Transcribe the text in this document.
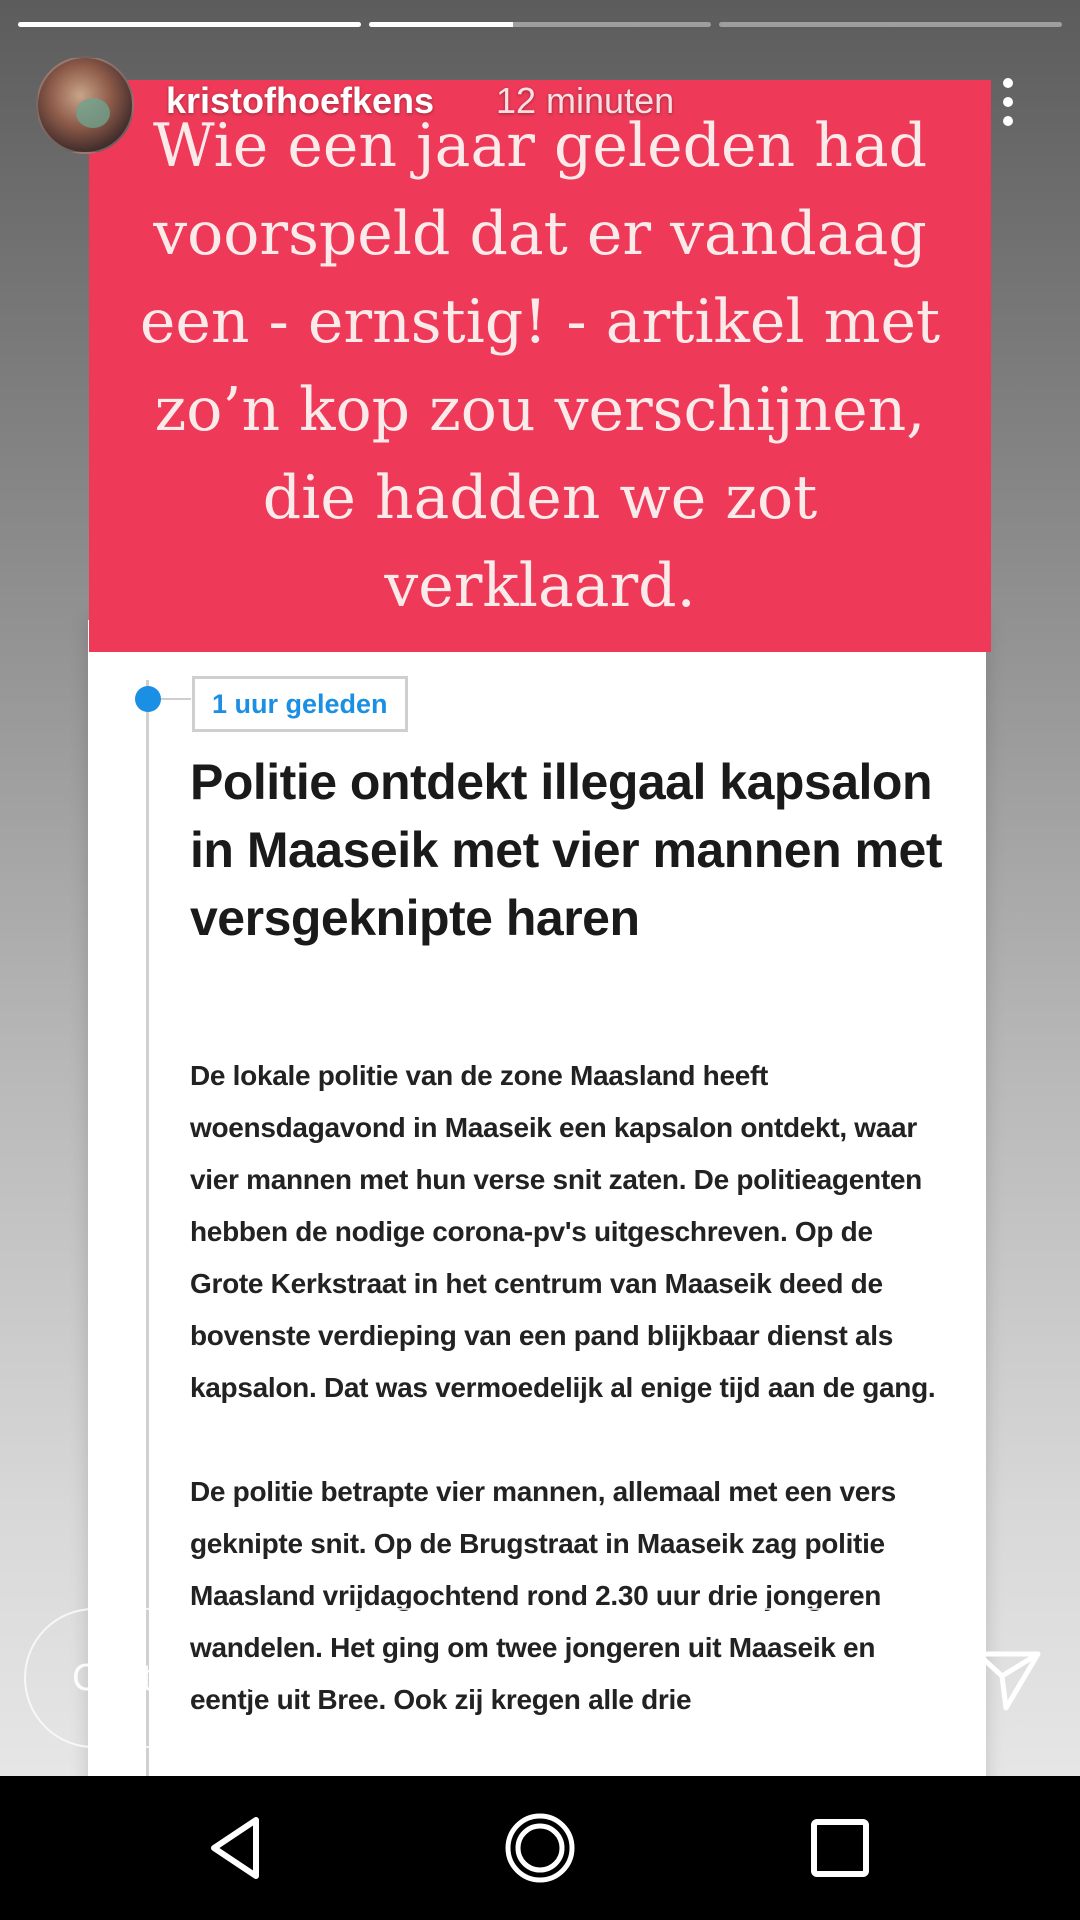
1 uur geleden
Politie ontdekt illegaal kapsalon in Maaseik met vier mannen met versgeknipte haren

De lokale politie van de zone Maasland heeft woensdagavond in Maaseik een kapsalon ontdekt, waar vier mannen met hun verse snit zaten. De politieagenten hebben de nodige corona-pv's uitgeschreven. Op de Grote Kerkstraat in het centrum van Maaseik deed de bovenste verdieping van een pand blijkbaar dienst als kapsalon. Dat was vermoedelijk al enige tijd aan de gang.

De politie betrapte vier mannen, allemaal met een vers geknipte snit. Op de Brugstraat in Maaseik zag politie Maasland vrijdagochtend rond 2.30 uur drie jongeren wandelen. Het ging om twee jongeren uit Maaseik en eentje uit Bree. Ook zij kregen alle drie

Wie een jaar geleden had voorspeld dat er vandaag een - ernstig! - artikel met zo’n kop zou verschijnen, die hadden we zot verklaard.

kristofhoefkens 12 minuten
Chatbericht sturen
